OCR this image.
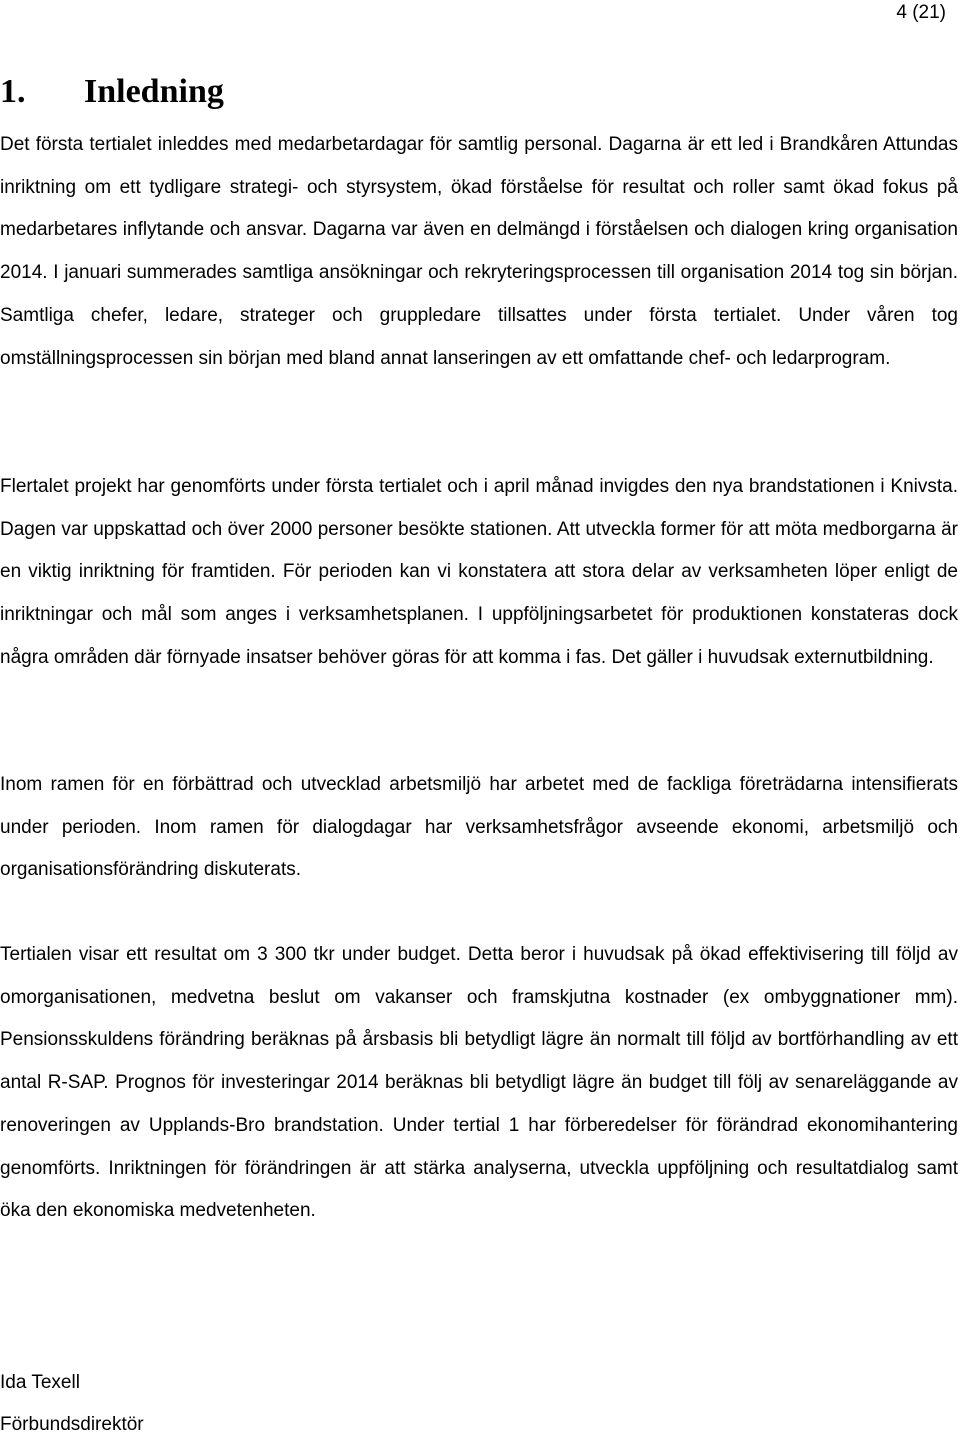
4 (21)
1. Inledning

Det första tertialet inleddes med medarbetardagar för samtlig personal. Dagarna är ett led i Brandkåren Attundas inriktning om ett tydligare strategi- och styrsystem, ökad förståelse för resultat och roller samt ökad fokus på medarbetares inflytande och ansvar. Dagarna var även en delmängd i förståelsen och dialogen kring organisation 2014. I januari summerades samtliga ansökningar och rekryteringsprocessen till organisation 2014 tog sin början. Samtliga chefer, ledare, strateger och gruppledare tillsattes under första tertialet. Under våren tog omställningsprocessen sin början med bland annat lanseringen av ett omfattande chef- och ledarprogram.

Flertalet projekt har genomförts under första tertialet och i april månad invigdes den nya brandstationen i Knivsta. Dagen var uppskattad och över 2000 personer besökte stationen. Att utveckla former för att möta medborgarna är en viktig inriktning för framtiden. För perioden kan vi konstatera att stora delar av verksamheten löper enligt de inriktningar och mål som anges i verksamhetsplanen. I uppföljningsarbetet för produktionen konstateras dock några områden där förnyade insatser behöver göras för att komma i fas. Det gäller i huvudsak externutbildning.

Inom ramen för en förbättrad och utvecklad arbetsmiljö har arbetet med de fackliga företrädarna intensifierats under perioden. Inom ramen för dialogdagar har verksamhetsfrågor avseende ekonomi, arbetsmiljö och organisationsförändring diskuterats.

Tertialen visar ett resultat om 3 300 tkr under budget. Detta beror i huvudsak på ökad effektivisering till följd av omorganisationen, medvetna beslut om vakanser och framskjutna kostnader (ex ombyggnationer mm). Pensionsskuldens förändring beräknas på årsbasis bli betydligt lägre än normalt till följd av bortförhandling av ett antal R-SAP. Prognos för investeringar 2014 beräknas bli betydligt lägre än budget till följ av senareläggande av renoveringen av Upplands-Bro brandstation. Under tertial 1 har förberedelser för förändrad ekonomihantering genomförts. Inriktningen för förändringen är att stärka analyserna, utveckla uppföljning och resultatdialog samt öka den ekonomiska medvetenheten.

Ida Texell

Förbundsdirektör
